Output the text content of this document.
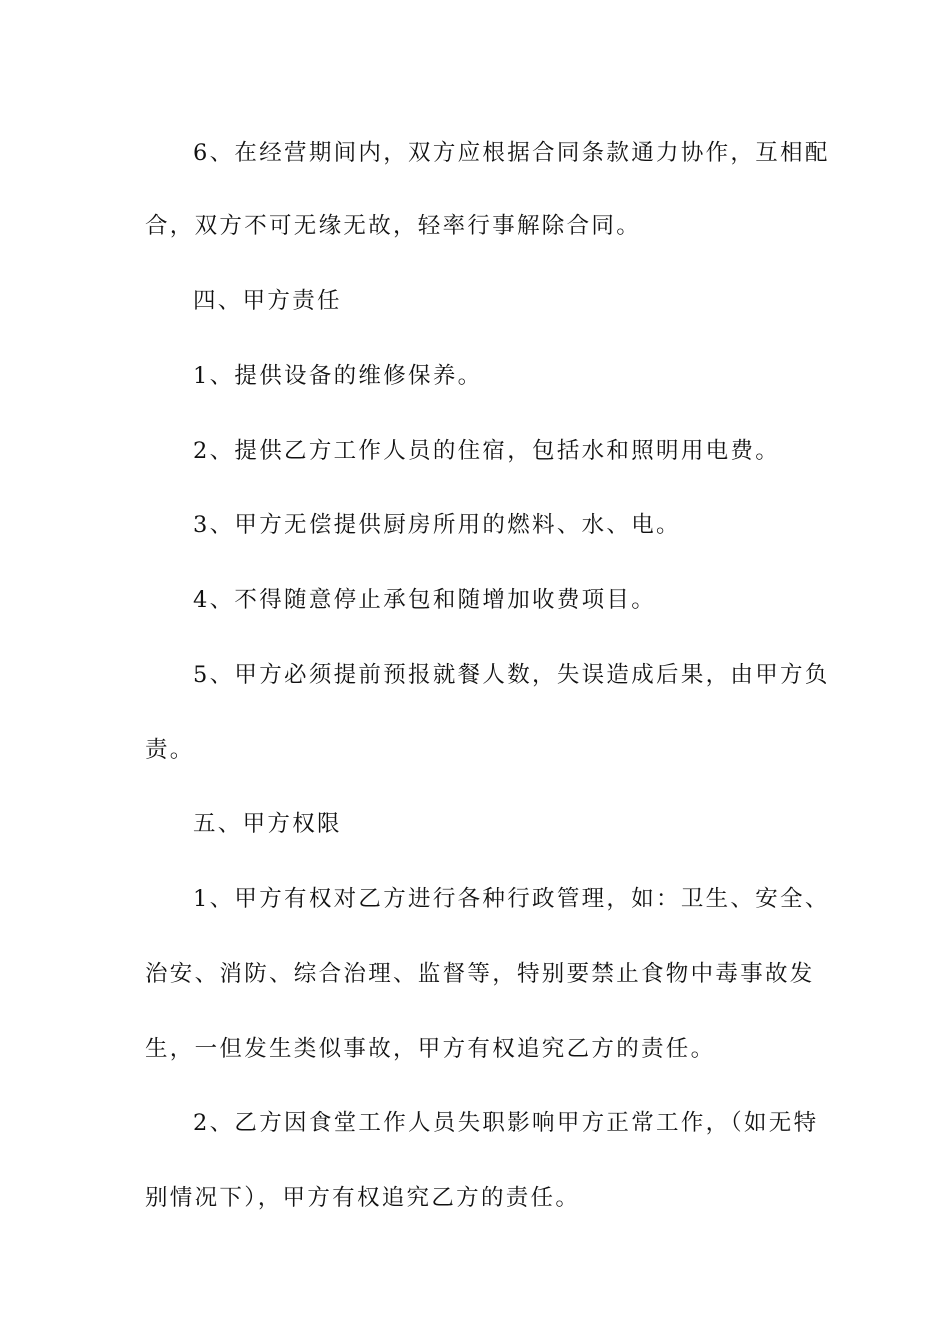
6、在经营期间内，双方应根据合同条款通力协作，互相配
合，双方不可无缘无故，轻率行事解除合同。
四、甲方责任
1、提供设备的维修保养。
2、提供乙方工作人员的住宿，包括水和照明用电费。
3、甲方无偿提供厨房所用的燃料、水、电。
4、不得随意停止承包和随增加收费项目。
5、甲方必须提前预报就餐人数，失误造成后果，由甲方负
责。
五、甲方权限
1、甲方有权对乙方进行各种行政管理，如：卫生、安全、
治安、消防、综合治理、监督等，特别要禁止食物中毒事故发
生，一但发生类似事故，甲方有权追究乙方的责任。
2、乙方因食堂工作人员失职影响甲方正常工作，（如无特
别情况下），甲方有权追究乙方的责任。
